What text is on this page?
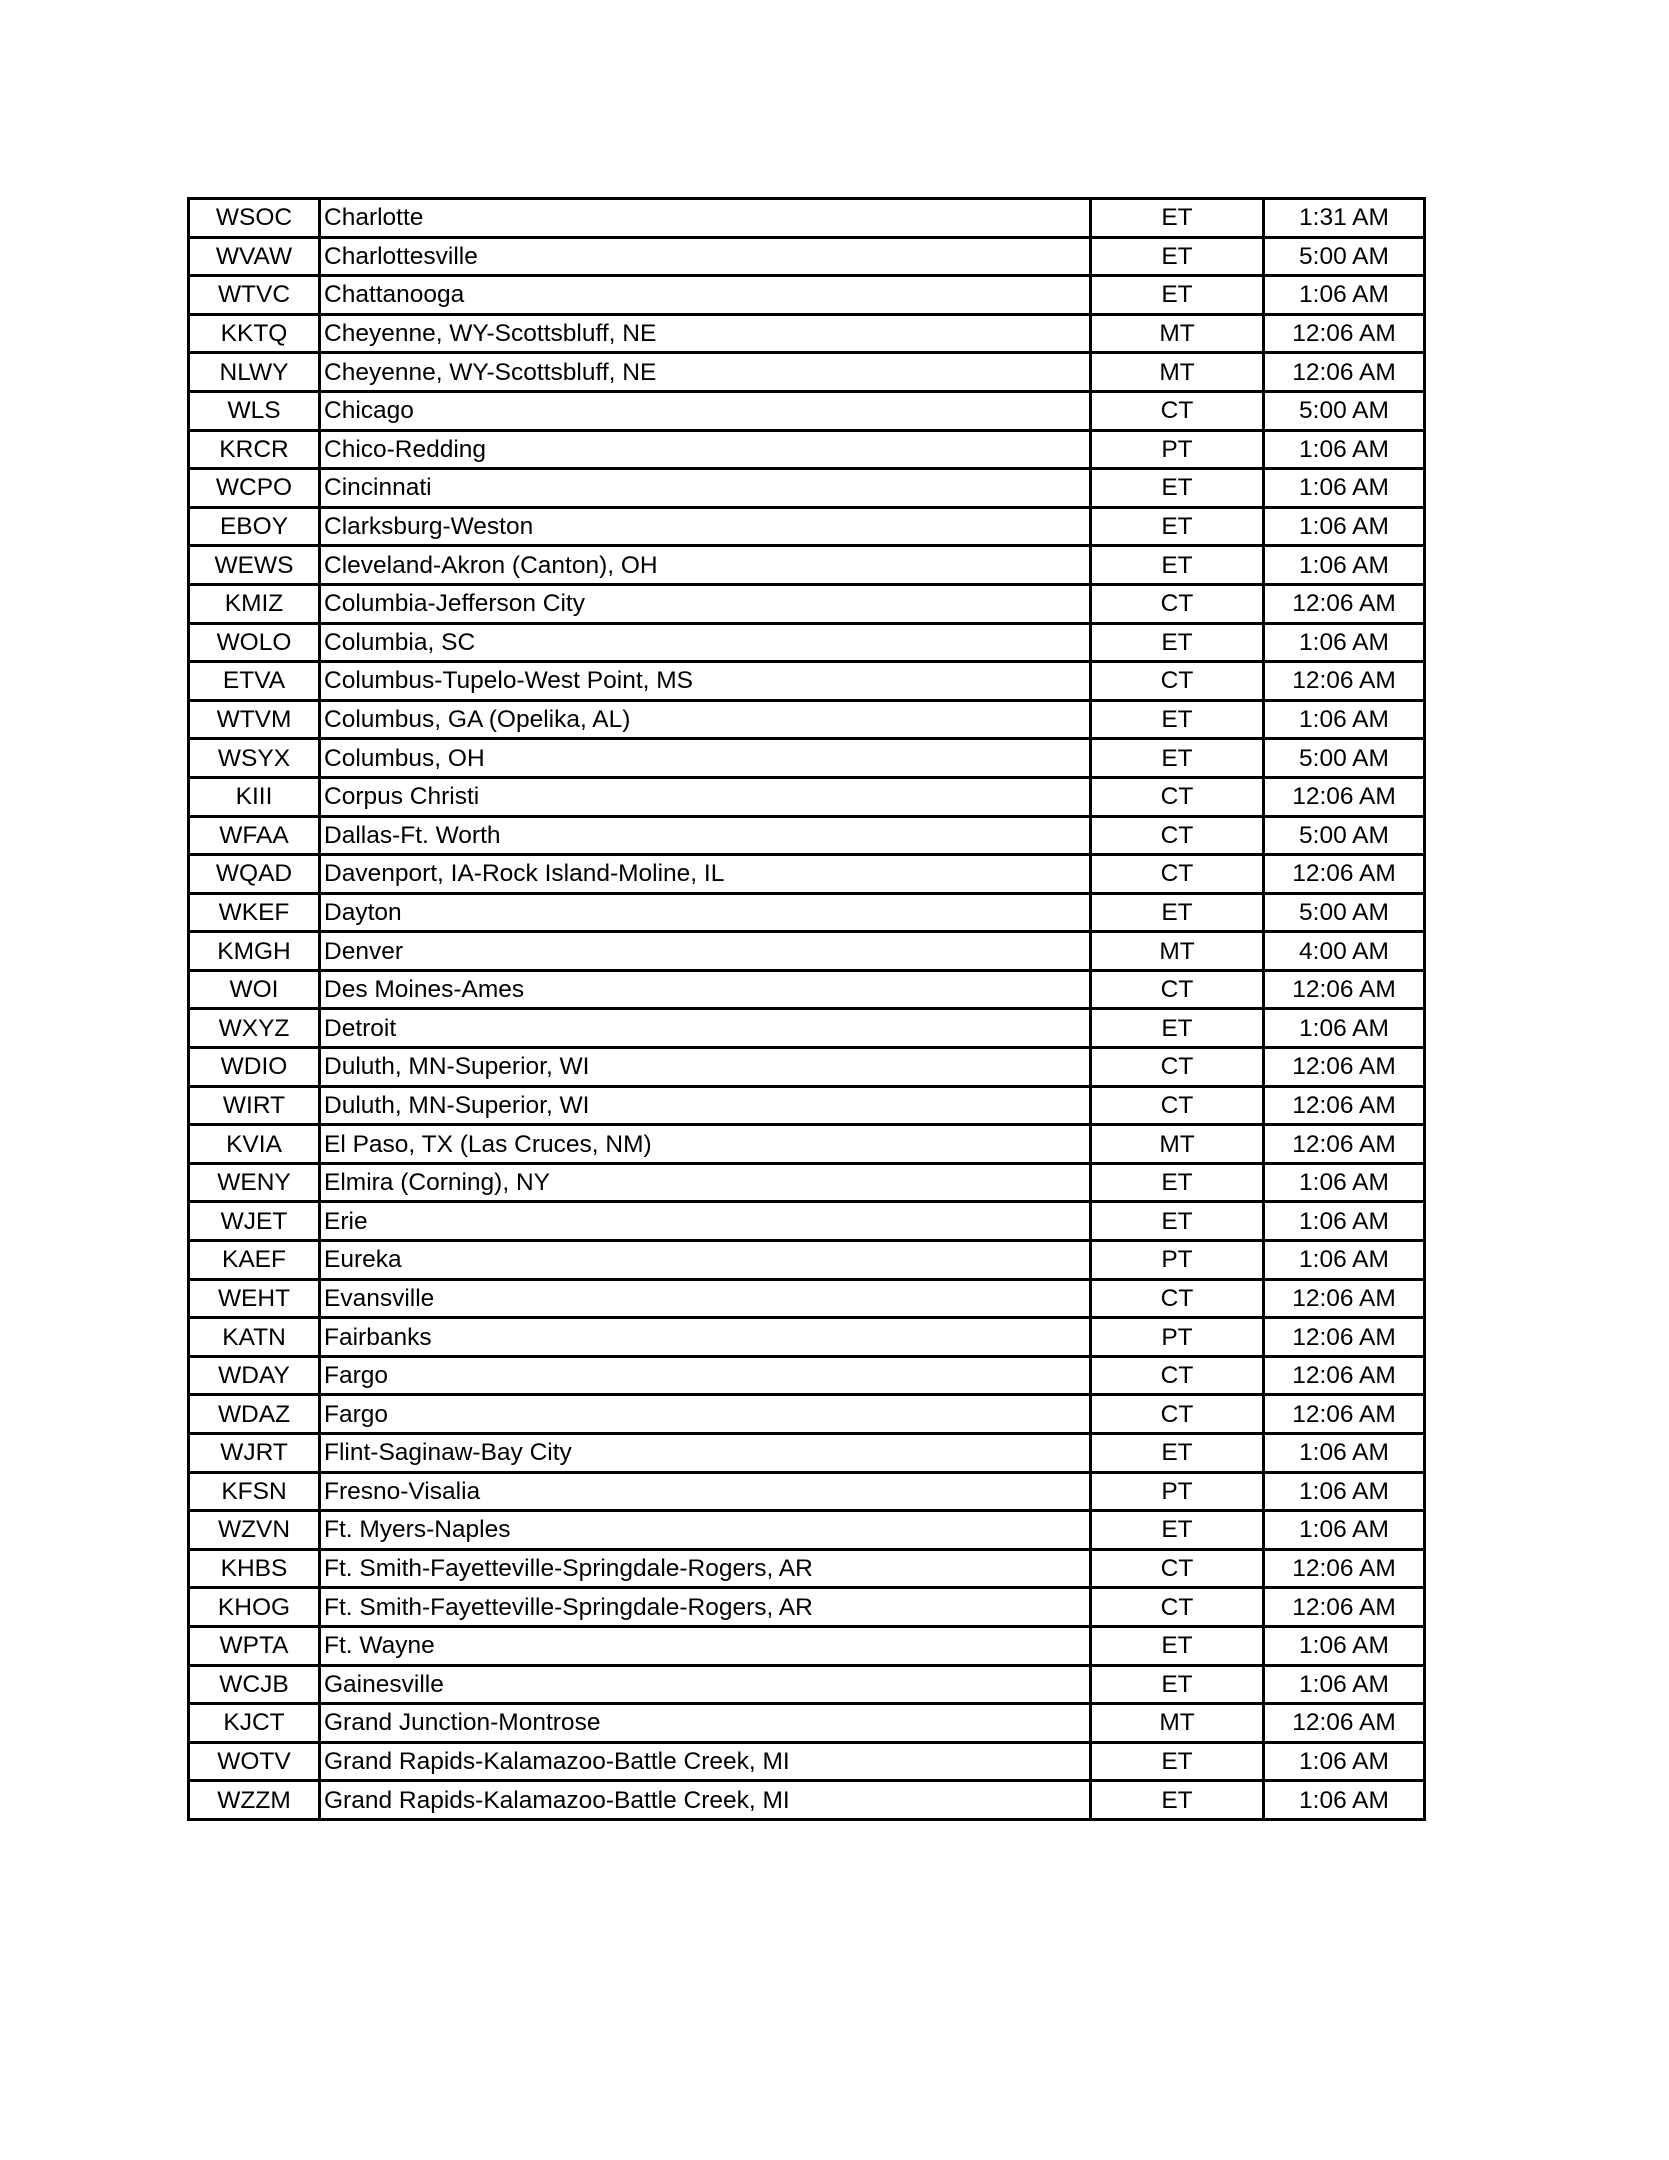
WSOC	Charlotte	ET	1:31 AM
WVAW	Charlottesville	ET	5:00 AM
WTVC	Chattanooga	ET	1:06 AM
KKTQ	Cheyenne, WY-Scottsbluff, NE	MT	12:06 AM
NLWY	Cheyenne, WY-Scottsbluff, NE	MT	12:06 AM
WLS	Chicago	CT	5:00 AM
KRCR	Chico-Redding	PT	1:06 AM
WCPO	Cincinnati	ET	1:06 AM
EBOY	Clarksburg-Weston	ET	1:06 AM
WEWS	Cleveland-Akron (Canton), OH	ET	1:06 AM
KMIZ	Columbia-Jefferson City	CT	12:06 AM
WOLO	Columbia, SC	ET	1:06 AM
ETVA	Columbus-Tupelo-West Point, MS	CT	12:06 AM
WTVM	Columbus, GA (Opelika, AL)	ET	1:06 AM
WSYX	Columbus, OH	ET	5:00 AM
KIII	Corpus Christi	CT	12:06 AM
WFAA	Dallas-Ft. Worth	CT	5:00 AM
WQAD	Davenport, IA-Rock Island-Moline, IL	CT	12:06 AM
WKEF	Dayton	ET	5:00 AM
KMGH	Denver	MT	4:00 AM
WOI	Des Moines-Ames	CT	12:06 AM
WXYZ	Detroit	ET	1:06 AM
WDIO	Duluth, MN-Superior, WI	CT	12:06 AM
WIRT	Duluth, MN-Superior, WI	CT	12:06 AM
KVIA	El Paso, TX (Las Cruces, NM)	MT	12:06 AM
WENY	Elmira (Corning), NY	ET	1:06 AM
WJET	Erie	ET	1:06 AM
KAEF	Eureka	PT	1:06 AM
WEHT	Evansville	CT	12:06 AM
KATN	Fairbanks	PT	12:06 AM
WDAY	Fargo	CT	12:06 AM
WDAZ	Fargo	CT	12:06 AM
WJRT	Flint-Saginaw-Bay City	ET	1:06 AM
KFSN	Fresno-Visalia	PT	1:06 AM
WZVN	Ft. Myers-Naples	ET	1:06 AM
KHBS	Ft. Smith-Fayetteville-Springdale-Rogers, AR	CT	12:06 AM
KHOG	Ft. Smith-Fayetteville-Springdale-Rogers, AR	CT	12:06 AM
WPTA	Ft. Wayne	ET	1:06 AM
WCJB	Gainesville	ET	1:06 AM
KJCT	Grand Junction-Montrose	MT	12:06 AM
WOTV	Grand Rapids-Kalamazoo-Battle Creek, MI	ET	1:06 AM
WZZM	Grand Rapids-Kalamazoo-Battle Creek, MI	ET	1:06 AM
